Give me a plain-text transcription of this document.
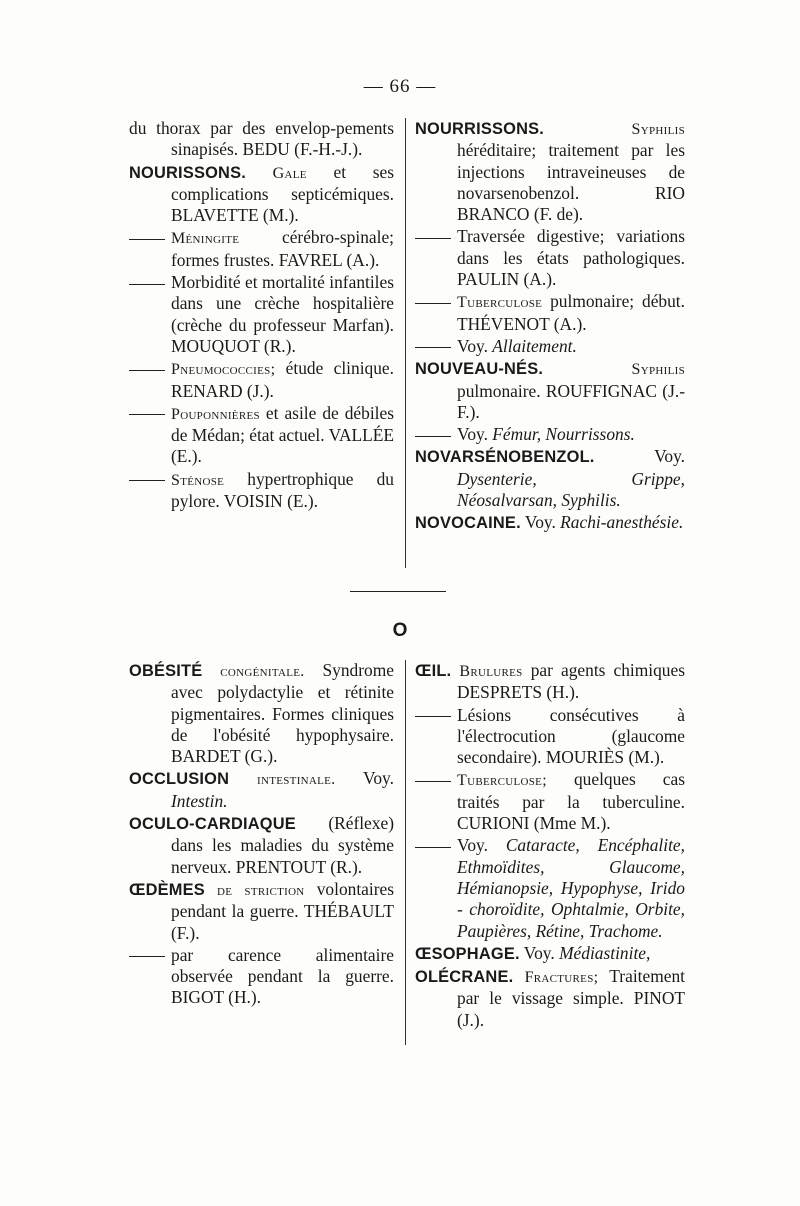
— 66 —

du thorax par des envelop-pements sinapisés. BEDU (F.-H.-J.).

NOURISSONS. Gale et ses complications septicémiques. BLAVETTE (M.).

Méningite cérébro-spinale; formes frustes. FAVREL (A.).

Morbidité et mortalité infantiles dans une crèche hospitalière (crèche du professeur Marfan). MOUQUOT (R.).

Pneumococcies; étude clinique. RENARD (J.).

Pouponnières et asile de débiles de Médan; état actuel. VALLÉE (E.).

Sténose hypertrophique du pylore. VOISIN (E.).

NOURRISSONS.	Syphilis héréditaire; traitement par les injections intraveineuses de novarsenobenzol. RIO BRANCO (F. de).

Traversée digestive; variations dans les états pathologiques. PAULIN (A.).

Tuberculose pulmonaire; début. THÉVENOT (A.).

Voy. Allaitement.

NOUVEAU-NÉS.	Syphilis pulmonaire. ROUFFIGNAC (J.-F.).

Voy. Fémur, Nourrissons.

NOVARSÉNOBENZOL.	Voy. Dysenterie, Grippe, Néosalvarsan, Syphilis.

NOVOCAINE. Voy. Rachi-anesthésie.

O

OBÉSITÉ congénitale. Syndrome avec polydactylie et rétinite pigmentaires. Formes cliniques de l'obésité hypophysaire. BARDET (G.).

OCCLUSION intestinale. Voy. Intestin.

OCULO-CARDIAQUE (Réflexe) dans les maladies du système nerveux. PRENTOUT (R.).

ŒDÈMES de striction volontaires pendant la guerre. THÉBAULT (F.).

par carence alimentaire observée pendant la guerre. BIGOT (H.).

ŒIL. Brulures par agents chimiques DESPRETS (H.).

Lésions consécutives à l'électrocution (glaucome secondaire). MOURIÈS (M.).

Tuberculose; quelques cas traités par la tuberculine. CURIONI (Mme M.).

Voy. Cataracte, Encéphalite, Ethmoïdites, Glaucome, Hémianopsie, Hypophyse, Irido - choroïdite, Ophtalmie, Orbite, Paupières, Rétine, Trachome.

ŒSOPHAGE. Voy. Médiastinite,

OLÉCRANE. Fractures; Traitement par le vissage simple. PINOT (J.).
